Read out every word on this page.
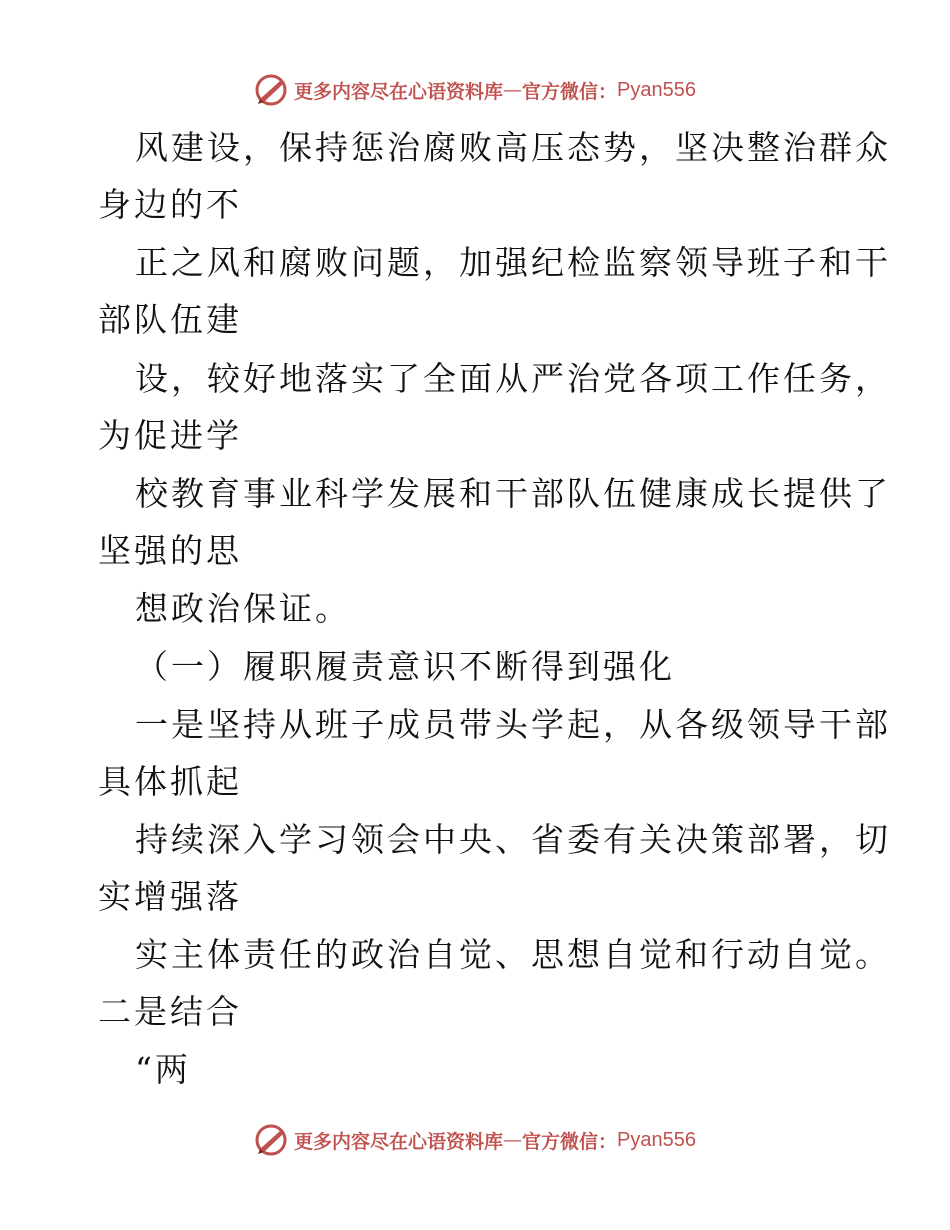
更多内容尽在心语资料库 — 官方微信： Pyan556
风建设，保持惩治腐败高压态势，坚决整治群众
身边的不
正之风和腐败问题，加强纪检监察领导班子和干
部队伍建
设，较好地落实了全面从严治党各项工作任务，
为促进学
校教育事业科学发展和干部队伍健康成长提供了
坚强的思
想政治保证。
（一）履职履责意识不断得到强化
一是坚持从班子成员带头学起，从各级领导干部
具体抓起
持续深入学习领会中央、省委有关决策部署，切
实增强落
实主体责任的政治自觉、思想自觉和行动自觉。
二是结合
“两
更多内容尽在心语资料库 — 官方微信： Pyan556
